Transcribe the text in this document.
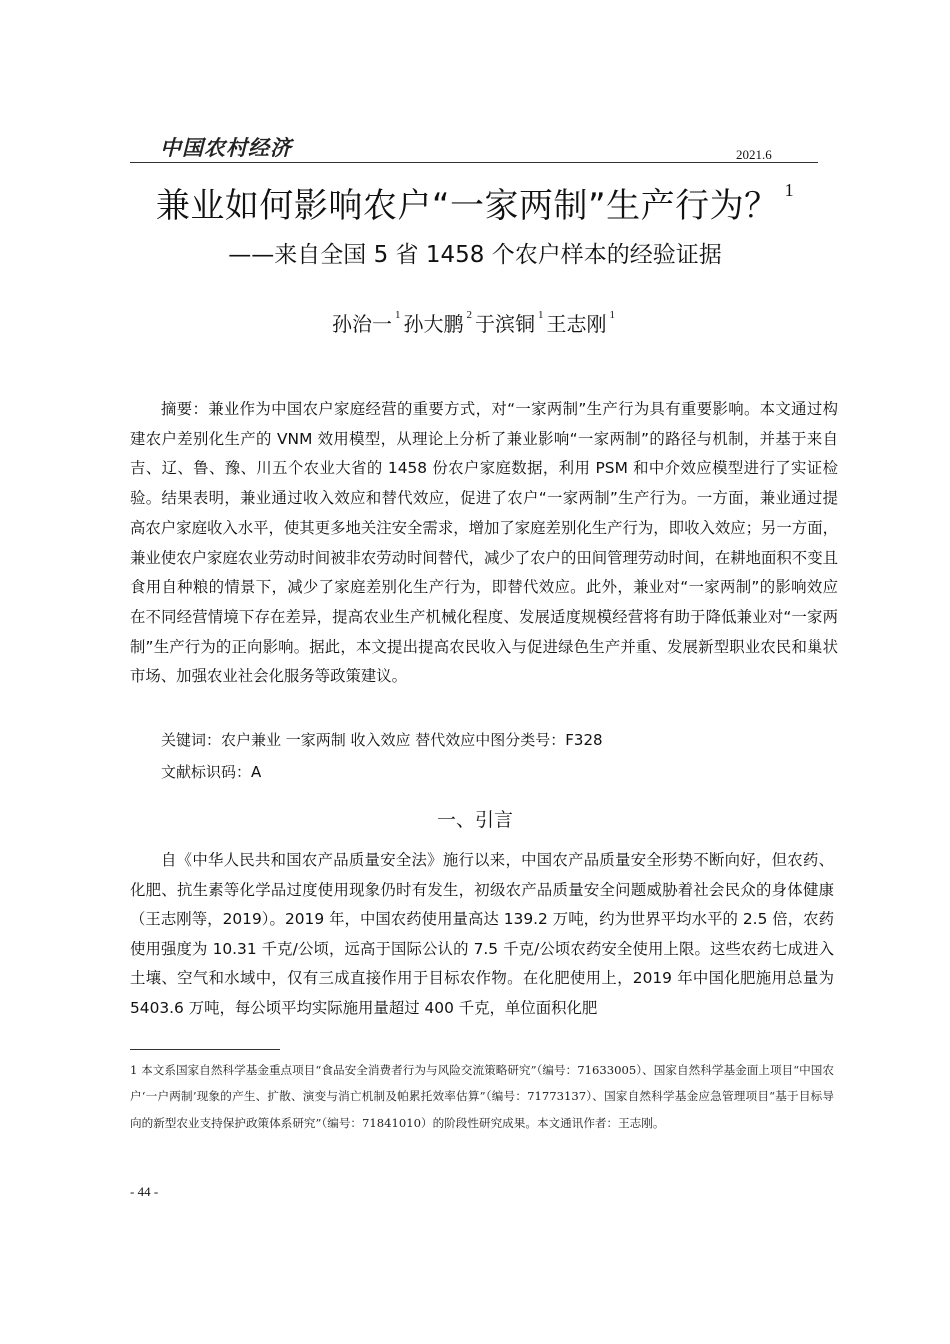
中国农村经济	2021.6
兼业如何影响农户“一家两制”生产行为？ $^1$
——来自全国 5 省 1458 个农户样本的经验证据
孙治一 $^1$ 孙大鹏 $^2$ 于滨铜 $^1$ 王志刚 $^1$

摘要：兼业作为中国农户家庭经营的重要方式，对“一家两制”生产行为具有重要影响。本文通过构建农户差别化生产的 VNM 效用模型，从理论上分析了兼业影响“一家两制”的路径与机制，并基于来自吉、辽、鲁、豫、川五个农业大省的 1458 份农户家庭数据，利用 PSM 和中介效应模型进行了实证检验。结果表明，兼业通过收入效应和替代效应，促进了农户“一家两制”生产行为。一方面，兼业通过提高农户家庭收入水平，使其更多地关注安全需求，增加了家庭差别化生产行为，即收入效应；另一方面，兼业使农户家庭农业劳动时间被非农劳动时间替代，减少了农户的田间管理劳动时间，在耕地面积不变且食用自种粮的情景下，减少了家庭差别化生产行为，即替代效应。此外，兼业对“一家两制”的影响效应在不同经营情境下存在差异，提高农业生产机械化程度、发展适度规模经营将有助于降低兼业对“一家两制”生产行为的正向影响。据此，本文提出提高农民收入与促进绿色生产并重、发展新型职业农民和巢状市场、加强农业社会化服务等政策建议。

关键词：农户兼业 一家两制 收入效应 替代效应中图分类号：F328
文献标识码：A
一、引言

自《中华人民共和国农产品质量安全法》施行以来，中国农产品质量安全形势不断向好，但农药、化肥、抗生素等化学品过度使用现象仍时有发生，初级农产品质量安全问题威胁着社会民众的身体健康（王志刚等，2019）。2019 年，中国农药使用量高达 139.2 万吨，约为世界平均水平的 2.5 倍，农药使用强度为 10.31 千克/公顷，远高于国际公认的 7.5 千克/公顷农药安全使用上限。这些农药七成进入土壤、空气和水域中，仅有三成直接作用于目标农作物。在化肥使用上，2019 年中国化肥施用总量为 5403.6 万吨，每公顷平均实际施用量超过 400 千克，单位面积化肥

1 本文系国家自然科学基金重点项目“食品安全消费者行为与风险交流策略研究”（编号：71633005）、国家自然科学基金面上项目“中国农户‘一户两制’现象的产生、扩散、演变与消亡机制及帕累托效率估算”（编号：71773137）、国家自然科学基金应急管理项目“基于目标导向的新型农业支持保护政策体系研究”（编号：71841010）的阶段性研究成果。本文通讯作者：王志刚。

- 44 -
